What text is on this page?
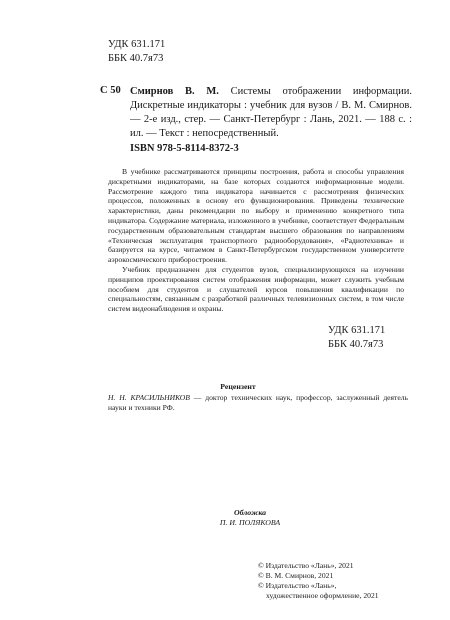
УДК 631.171
ББК 40.7я73
С 50 Смирнов В. М. Системы отображении информации. Дискретные индикаторы : учебник для вузов / В. М. Смирнов. — 2-е изд., стер. — Санкт-Петербург : Лань, 2021. — 188 с. : ил. — Текст : непосредственный.
ISBN 978-5-8114-8372-3

В учебнике рассматриваются принципы построения, работа и способы управления дискретными индикаторами, на базе которых создаются информационные модели. Рассмотрение каждого типа индикатора начинается с рассмотрения физических процессов, положенных в основу его функционирования. Приведены технические характеристики, даны рекомендации по выбору и применению конкретного типа индикатора. Содержание материала, изложенного в учебнике, соответствует Федеральным государственным образовательным стандартам высшего образования по направлениям «Техническая эксплуатация транспортного радиооборудования», «Радиотехника» и базируется на курсе, читаемом в Санкт-Петербургском государственном университете аэрокосмического приборостроения.

Учебник предназначен для студентов вузов, специализирующихся на изучении принципов проектирования систем отображения информации, может служить учебным пособием для студентов и слушателей курсов повышения квалификации по специальностям, связанным с разработкой различных телевизионных систем, в том числе систем видеонаблюдения и охраны.

УДК 631.171
ББК 40.7я73
Рецензент
Н. Н. КРАСИЛЬНИКОВ — доктор технических наук, профессор, заслуженный деятель науки и техники РФ.
Обложка
П. И. ПОЛЯКОВА
© Издательство «Лань», 2021
© В. М. Смирнов, 2021
© Издательство «Лань»,
художественное оформление, 2021
